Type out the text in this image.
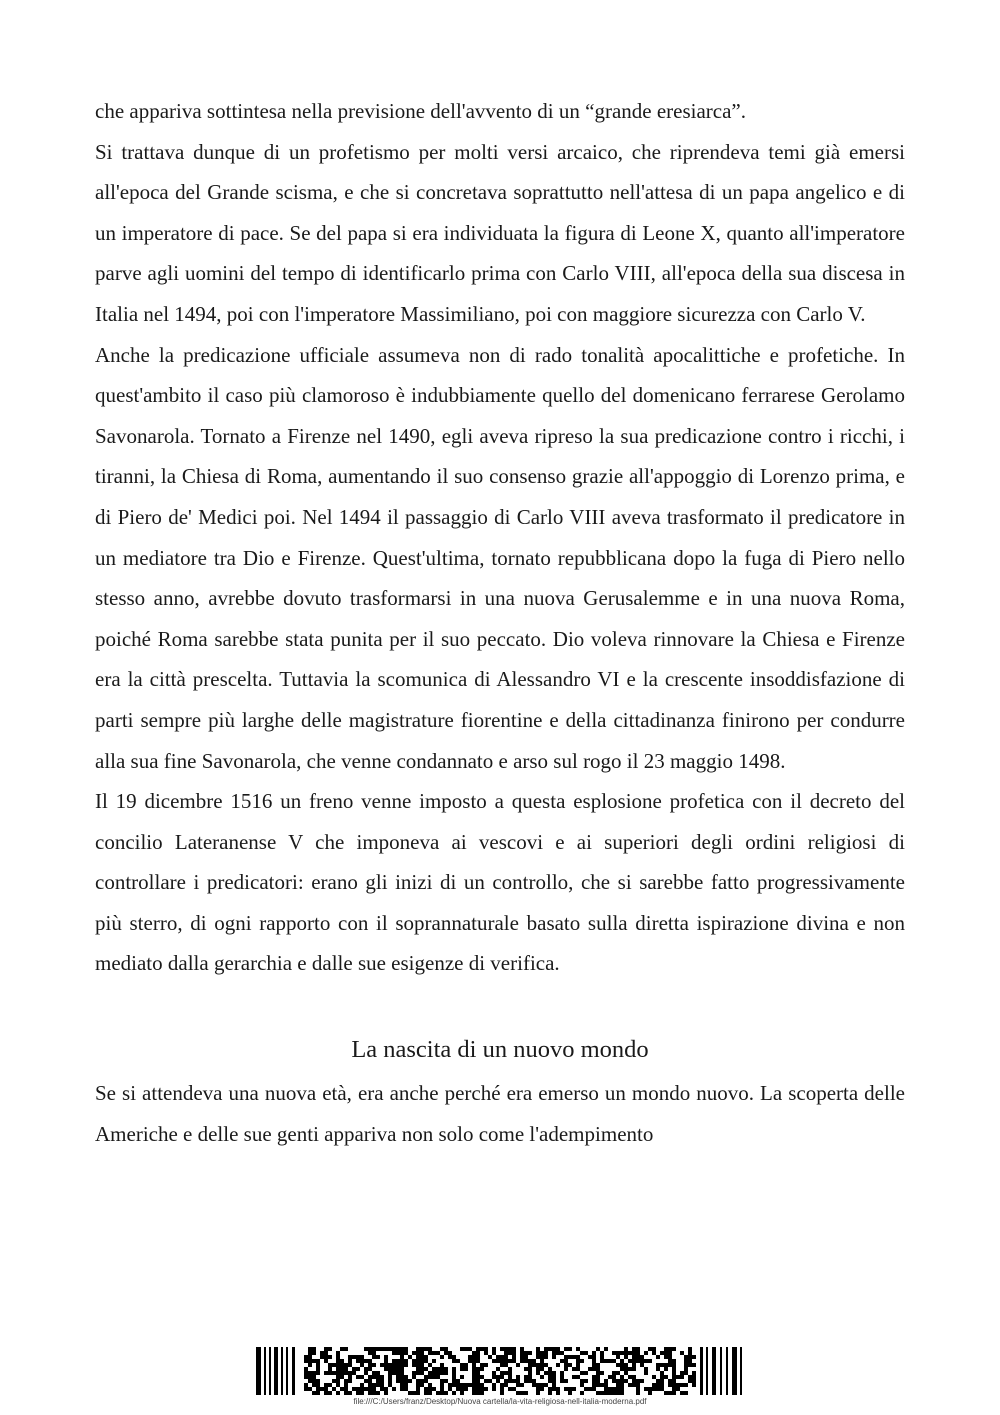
che appariva sottintesa nella previsione dell'avvento di un “grande eresiarca”.

Si trattava dunque di un profetismo per molti versi arcaico, che riprendeva temi già emersi all'epoca del Grande scisma, e che si concretava soprattutto nell'attesa di un papa angelico e di un imperatore di pace. Se del papa si era individuata la figura di Leone X, quanto all'imperatore parve agli uomini del tempo di identificarlo prima con Carlo VIII, all'epoca della sua discesa in Italia nel 1494, poi con l'imperatore Massimiliano, poi con maggiore sicurezza con Carlo V.

Anche la predicazione ufficiale assumeva non di rado tonalità apocalittiche e profetiche. In quest'ambito il caso più clamoroso è indubbiamente quello del domenicano ferrarese Gerolamo Savonarola. Tornato a Firenze nel 1490, egli aveva ripreso la sua predicazione contro i ricchi, i tiranni, la Chiesa di Roma, aumentando il suo consenso grazie all'appoggio di Lorenzo prima, e di Piero de' Medici poi. Nel 1494 il passaggio di Carlo VIII aveva trasformato il predicatore in un mediatore tra Dio e Firenze. Quest'ultima, tornato repubblicana dopo la fuga di Piero nello stesso anno, avrebbe dovuto trasformarsi in una nuova Gerusalemme e in una nuova Roma, poiché Roma sarebbe stata punita per il suo peccato. Dio voleva rinnovare la Chiesa e Firenze era la città prescelta. Tuttavia la scomunica di Alessandro VI e la crescente insoddisfazione di parti sempre più larghe delle magistrature fiorentine e della cittadinanza finirono per condurre alla sua fine Savonarola, che venne condannato e arso sul rogo il 23 maggio 1498.

Il 19 dicembre 1516 un freno venne imposto a questa esplosione profetica con il decreto del concilio Lateranense V che imponeva ai vescovi e ai superiori degli ordini religiosi di controllare i predicatori: erano gli inizi di un controllo, che si sarebbe fatto progressivamente più sterro, di ogni rapporto con il soprannaturale basato sulla diretta ispirazione divina e non mediato dalla gerarchia e dalle sue esigenze di verifica.

La nascita di un nuovo mondo

Se si attendeva una nuova età, era anche perché era emerso un mondo nuovo. La scoperta delle Americhe e delle sue genti appariva non solo come l'adempimento

file:///C:/Users/franz/Desktop/Nuova cartella/la-vita-religiosa-nell-italia-moderna.pdf
